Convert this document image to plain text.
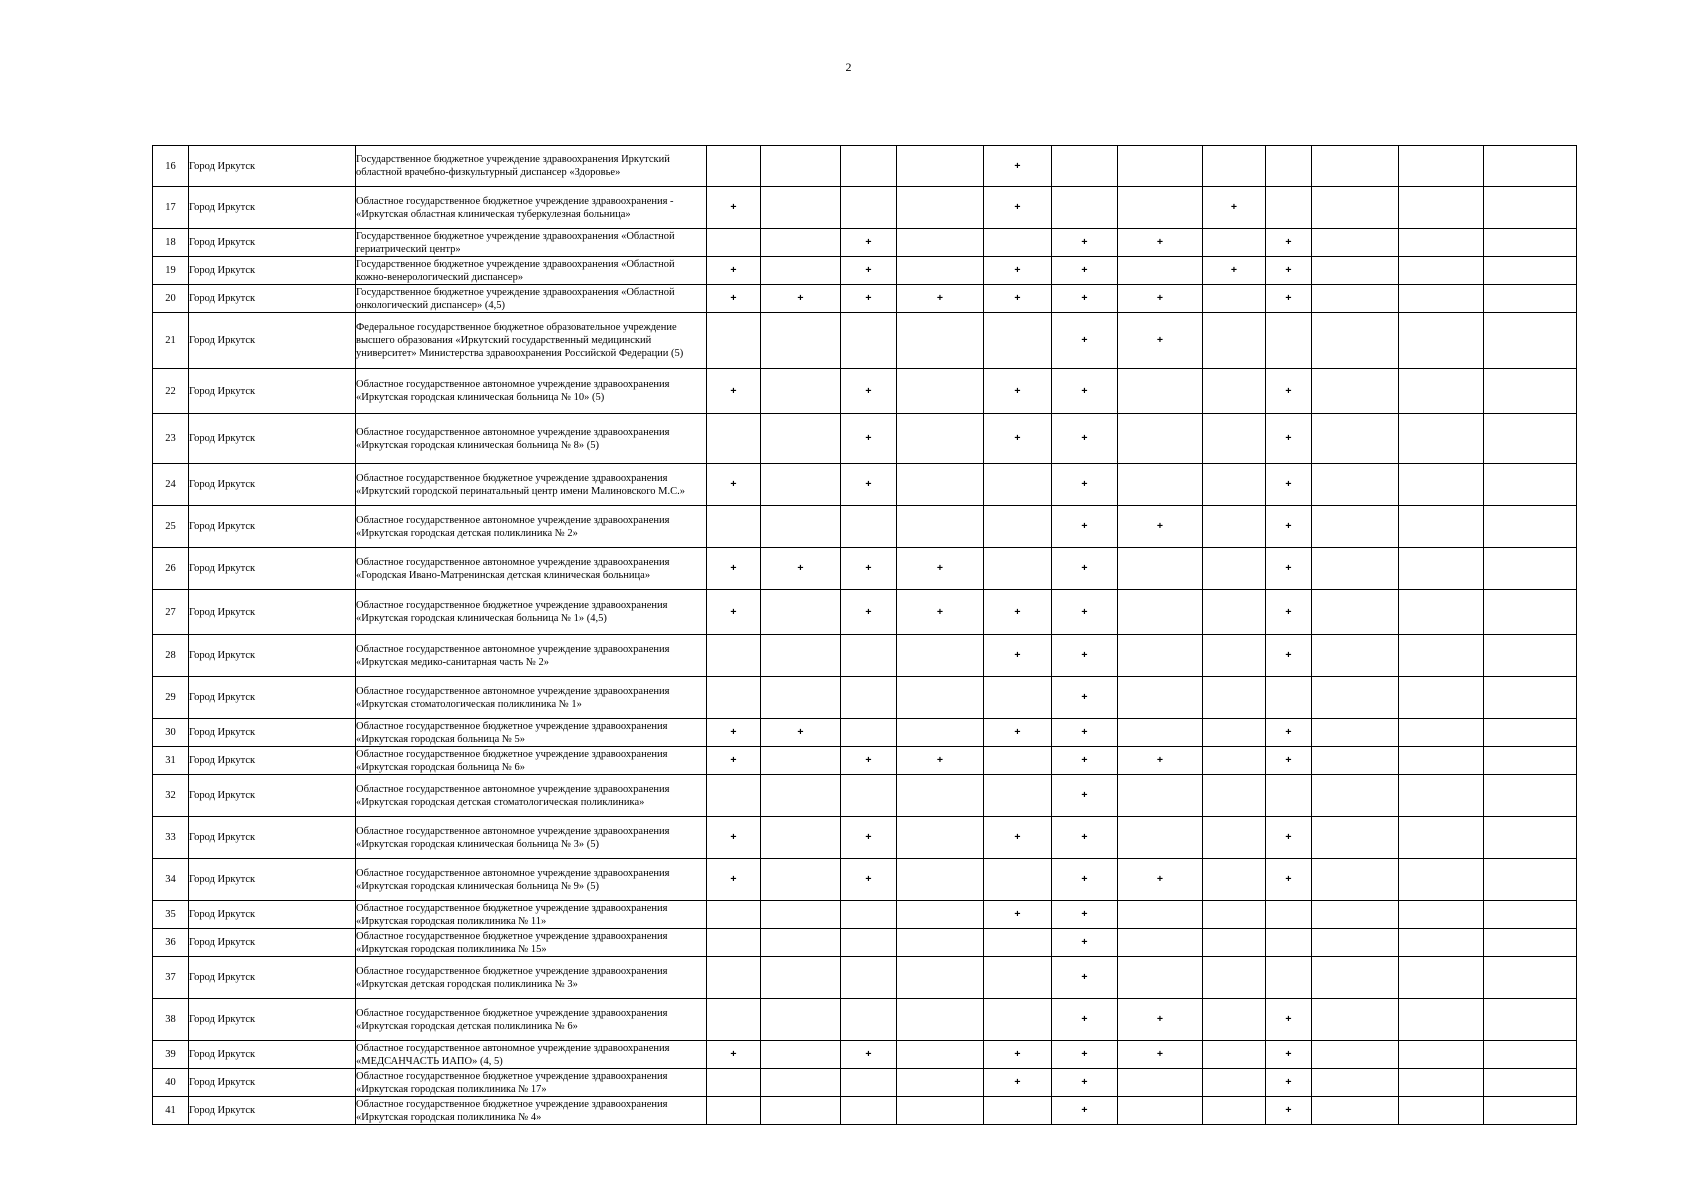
2
16	Город Иркутск	Государственное бюджетное учреждение здравоохранения Иркутский областной врачебно-физкультурный диспансер «Здоровье»					+							
17	Город Иркутск	Областное государственное бюджетное учреждение здравоохранения - «Иркутская областная клиническая туберкулезная больница»	+				+			+				
18	Город Иркутск	Государственное бюджетное учреждение здравоохранения «Областной гериатрический центр»			+			+	+		+			
19	Город Иркутск	Государственное бюджетное учреждение здравоохранения «Областной кожно-венерологический диспансер»	+		+		+	+		+	+			
20	Город Иркутск	Государственное бюджетное учреждение здравоохранения «Областной онкологический диспансер» (4,5)	+	+	+	+	+	+	+		+			
21	Город Иркутск	Федеральное государственное бюджетное образовательное учреждение высшего образования «Иркутский государственный медицинский университет» Министерства здравоохранения Российской Федерации (5)						+	+					
22	Город Иркутск	Областное государственное автономное учреждение здравоохранения «Иркутская городская клиническая больница № 10» (5)	+		+		+	+			+			
23	Город Иркутск	Областное государственное автономное учреждение здравоохранения «Иркутская городская клиническая больница № 8» (5)			+		+	+			+			
24	Город Иркутск	Областное государственное бюджетное учреждение здравоохранения «Иркутский городской перинатальный центр имени Малиновского М.С.»	+		+			+			+			
25	Город Иркутск	Областное государственное автономное учреждение здравоохранения «Иркутская городская детская поликлиника № 2»						+	+		+			
26	Город Иркутск	Областное государственное автономное учреждение здравоохранения «Городская Ивано-Матренинская детская клиническая больница»	+	+	+	+		+			+			
27	Город Иркутск	Областное государственное бюджетное учреждение здравоохранения «Иркутская городская клиническая больница № 1» (4,5)	+		+	+	+	+			+			
28	Город Иркутск	Областное государственное автономное учреждение здравоохранения «Иркутская медико-санитарная часть № 2»					+	+			+			
29	Город Иркутск	Областное государственное автономное учреждение здравоохранения «Иркутская стоматологическая поликлиника № 1»						+						
30	Город Иркутск	Областное государственное бюджетное учреждение здравоохранения «Иркутская городская больница № 5»	+	+			+	+			+			
31	Город Иркутск	Областное государственное бюджетное учреждение здравоохранения «Иркутская городская больница № 6»	+		+	+		+	+		+			
32	Город Иркутск	Областное государственное автономное учреждение здравоохранения «Иркутская городская детская стоматологическая поликлиника»						+						
33	Город Иркутск	Областное государственное автономное учреждение здравоохранения «Иркутская городская клиническая больница № 3» (5)	+		+		+	+			+			
34	Город Иркутск	Областное государственное автономное учреждение здравоохранения «Иркутская городская клиническая больница № 9» (5)	+		+			+	+		+			
35	Город Иркутск	Областное государственное бюджетное учреждение здравоохранения «Иркутская городская поликлиника № 11»					+	+						
36	Город Иркутск	Областное государственное бюджетное учреждение здравоохранения «Иркутская городская поликлиника № 15»						+						
37	Город Иркутск	Областное государственное бюджетное учреждение здравоохранения «Иркутская детская городская поликлиника № 3»						+						
38	Город Иркутск	Областное государственное бюджетное учреждение здравоохранения «Иркутская городская детская поликлиника № 6»						+	+		+			
39	Город Иркутск	Областное государственное автономное учреждение здравоохранения «МЕДСАНЧАСТЬ ИАПО» (4, 5)	+		+		+	+	+		+			
40	Город Иркутск	Областное государственное бюджетное учреждение здравоохранения «Иркутская городская поликлиника № 17»					+	+			+			
41	Город Иркутск	Областное государственное бюджетное учреждение здравоохранения «Иркутская городская поликлиника № 4»						+			+			
